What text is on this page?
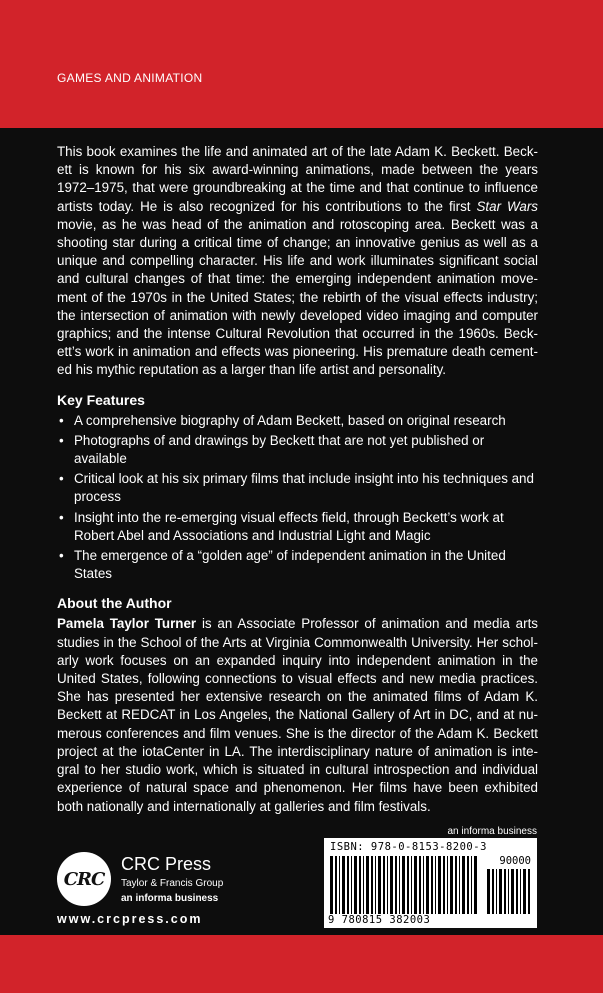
GAMES AND ANIMATION

This book examines the life and animated art of the late Adam K. Beckett. Beckett is known for his six award-winning animations, made between the years 1972–1975, that were groundbreaking at the time and that continue to influence artists today. He is also recognized for his contributions to the first Star Wars movie, as he was head of the animation and rotoscoping area. Beckett was a shooting star during a critical time of change; an innovative genius as well as a unique and compelling character. His life and work illuminates significant social and cultural changes of that time: the emerging independent animation movement of the 1970s in the United States; the rebirth of the visual effects industry; the intersection of animation with newly developed video imaging and computer graphics; and the intense Cultural Revolution that occurred in the 1960s. Beckett’s work in animation and effects was pioneering. His premature death cemented his mythic reputation as a larger than life artist and personality.

Key Features
• A comprehensive biography of Adam Beckett, based on original research
• Photographs of and drawings by Beckett that are not yet published or available
• Critical look at his six primary films that include insight into his techniques and process
• Insight into the re-emerging visual effects field, through Beckett’s work at Robert Abel and Associations and Industrial Light and Magic
• The emergence of a “golden age” of independent animation in the United States
About the Author

Pamela Taylor Turner is an Associate Professor of animation and media arts studies in the School of the Arts at Virginia Commonwealth University. Her scholarly work focuses on an expanded inquiry into independent animation in the United States, following connections to visual effects and new media practices. She has presented her extensive research on the animated films of Adam K. Beckett at REDCAT in Los Angeles, the National Gallery of Art in DC, and at numerous conferences and film venues. She is the director of the Adam K. Beckett project at the iotaCenter in LA. The interdisciplinary nature of animation is integral to her studio work, which is situated in cultural introspection and individual experience of natural space and phenomenon. Her films have been exhibited both nationally and internationally at galleries and film festivals.

an informa business
CRC
CRC Press
Taylor & Francis Group
an informa business
www.crcpress.com
ISBN: 978-0-8153-8200-3
90000
9 780815 382003
